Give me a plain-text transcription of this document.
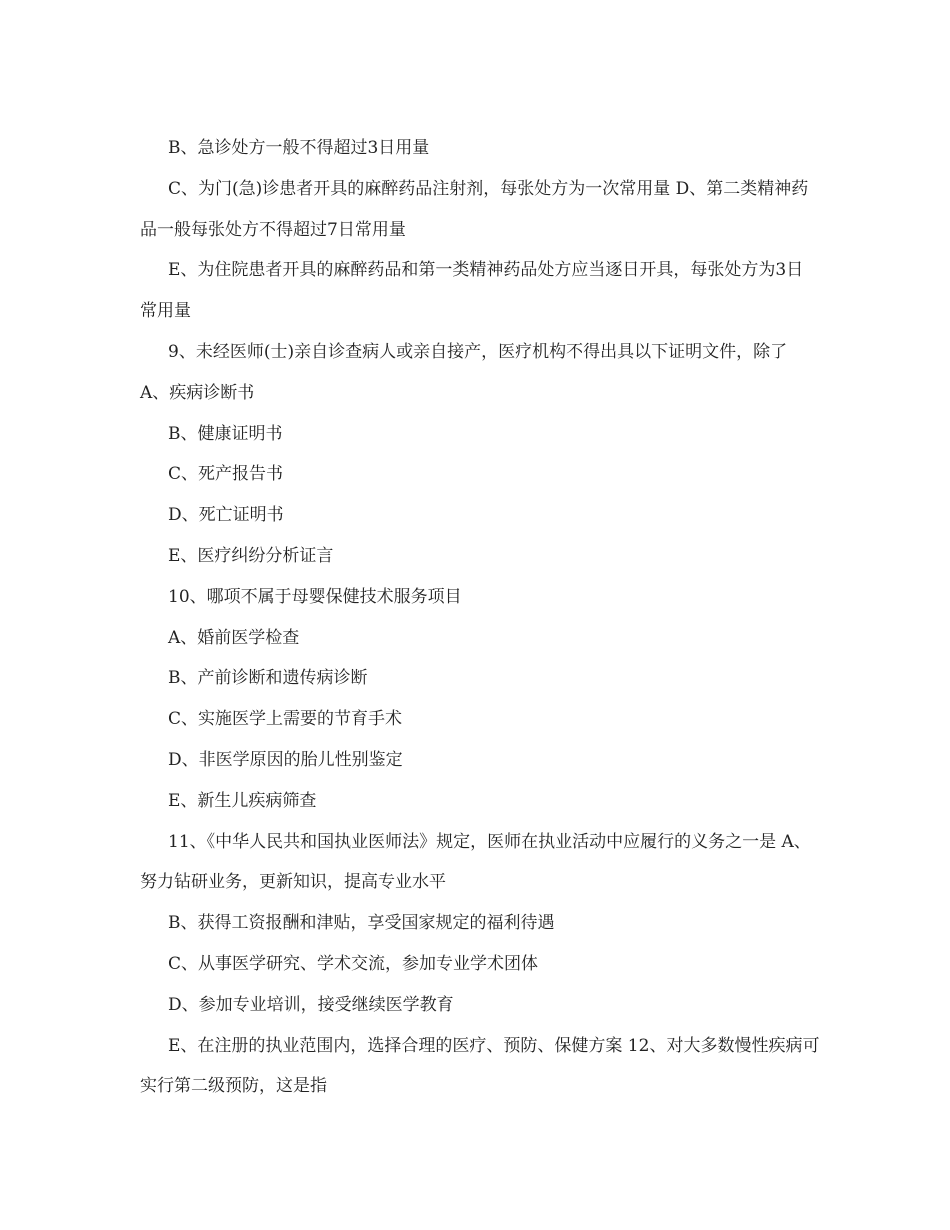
B、急诊处方一般不得超过3日用量

C、为门(急)诊患者开具的麻醉药品注射剂，每张处方为一次常用量 D、第二类精神药品一般每张处方不得超过7日常用量

E、为住院患者开具的麻醉药品和第一类精神药品处方应当逐日开具，每张处方为3日常用量

9、未经医师(士)亲自诊查病人或亲自接产，医疗机构不得出具以下证明文件，除了 A、疾病诊断书

B、健康证明书

C、死产报告书

D、死亡证明书

E、医疗纠纷分析证言

10、哪项不属于母婴保健技术服务项目

A、婚前医学检查

B、产前诊断和遗传病诊断

C、实施医学上需要的节育手术

D、非医学原因的胎儿性别鉴定

E、新生儿疾病筛查

11、《中华人民共和国执业医师法》规定，医师在执业活动中应履行的义务之一是 A、努力钻研业务，更新知识，提高专业水平

B、获得工资报酬和津贴，享受国家规定的福利待遇

C、从事医学研究、学术交流，参加专业学术团体

D、参加专业培训，接受继续医学教育

E、在注册的执业范围内，选择合理的医疗、预防、保健方案 12、对大多数慢性疾病可实行第二级预防，这是指
